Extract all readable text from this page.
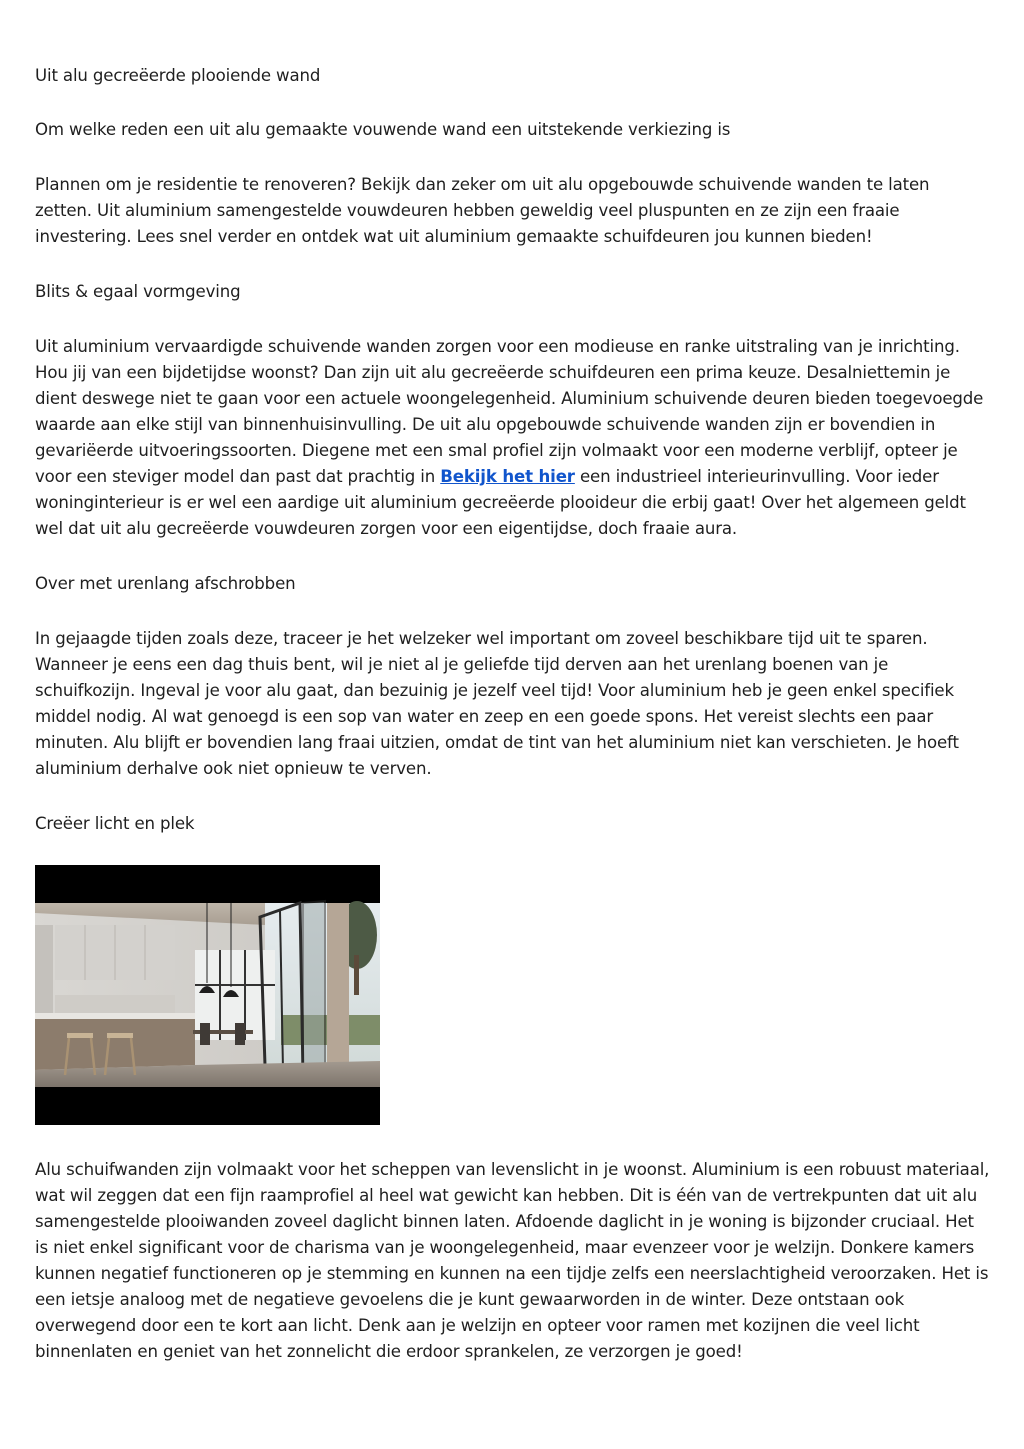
Uit alu gecreëerde plooiende wand

Om welke reden een uit alu gemaakte vouwende wand een uitstekende verkiezing is

Plannen om je residentie te renoveren? Bekijk dan zeker om uit alu opgebouwde schuivende wanden te laten zetten. Uit aluminium samengestelde vouwdeuren hebben geweldig veel pluspunten en ze zijn een fraaie investering. Lees snel verder en ontdek wat uit aluminium gemaakte schuifdeuren jou kunnen bieden!

Blits & egaal vormgeving

Uit aluminium vervaardigde schuivende wanden zorgen voor een modieuse en ranke uitstraling van je inrichting. Hou jij van een bijdetijdse woonst? Dan zijn uit alu gecreëerde schuifdeuren een prima keuze. Desalniettemin je dient deswege niet te gaan voor een actuele woongelegenheid. Aluminium schuivende deuren bieden toegevoegde waarde aan elke stijl van binnenhuisinvulling. De uit alu opgebouwde schuivende wanden zijn er bovendien in gevariëerde uitvoeringssoorten. Diegene met een smal profiel zijn volmaakt voor een moderne verblijf, opteer je voor een steviger model dan past dat prachtig in Bekijk het hier een industrieel interieurinvulling. Voor ieder woninginterieur is er wel een aardige uit aluminium gecreëerde plooideur die erbij gaat! Over het algemeen geldt wel dat uit alu gecreëerde vouwdeuren zorgen voor een eigentijdse, doch fraaie aura.

Over met urenlang afschrobben

In gejaagde tijden zoals deze, traceer je het welzeker wel important om zoveel beschikbare tijd uit te sparen. Wanneer je eens een dag thuis bent, wil je niet al je geliefde tijd derven aan het urenlang boenen van je schuifkozijn. Ingeval je voor alu gaat, dan bezuinig je jezelf veel tijd! Voor aluminium heb je geen enkel specifiek middel nodig. Al wat genoegd is een sop van water en zeep en een goede spons. Het vereist slechts een paar minuten. Alu blijft er bovendien lang fraai uitzien, omdat de tint van het aluminium niet kan verschieten. Je hoeft aluminium derhalve ook niet opnieuw te verven.

Creëer licht en plek

Alu schuifwanden zijn volmaakt voor het scheppen van levenslicht in je woonst. Aluminium is een robuust materiaal, wat wil zeggen dat een fijn raamprofiel al heel wat gewicht kan hebben. Dit is één van de vertrekpunten dat uit alu samengestelde plooiwanden zoveel daglicht binnen laten. Afdoende daglicht in je woning is bijzonder cruciaal. Het is niet enkel significant voor de charisma van je woongelegenheid, maar evenzeer voor je welzijn. Donkere kamers kunnen negatief functioneren op je stemming en kunnen na een tijdje zelfs een neerslachtigheid veroorzaken. Het is een ietsje analoog met de negatieve gevoelens die je kunt gewaarworden in de winter. Deze ontstaan ook overwegend door een te kort aan licht. Denk aan je welzijn en opteer voor ramen met kozijnen die veel licht binnenlaten en geniet van het zonnelicht die erdoor sprankelen, ze verzorgen je goed!
